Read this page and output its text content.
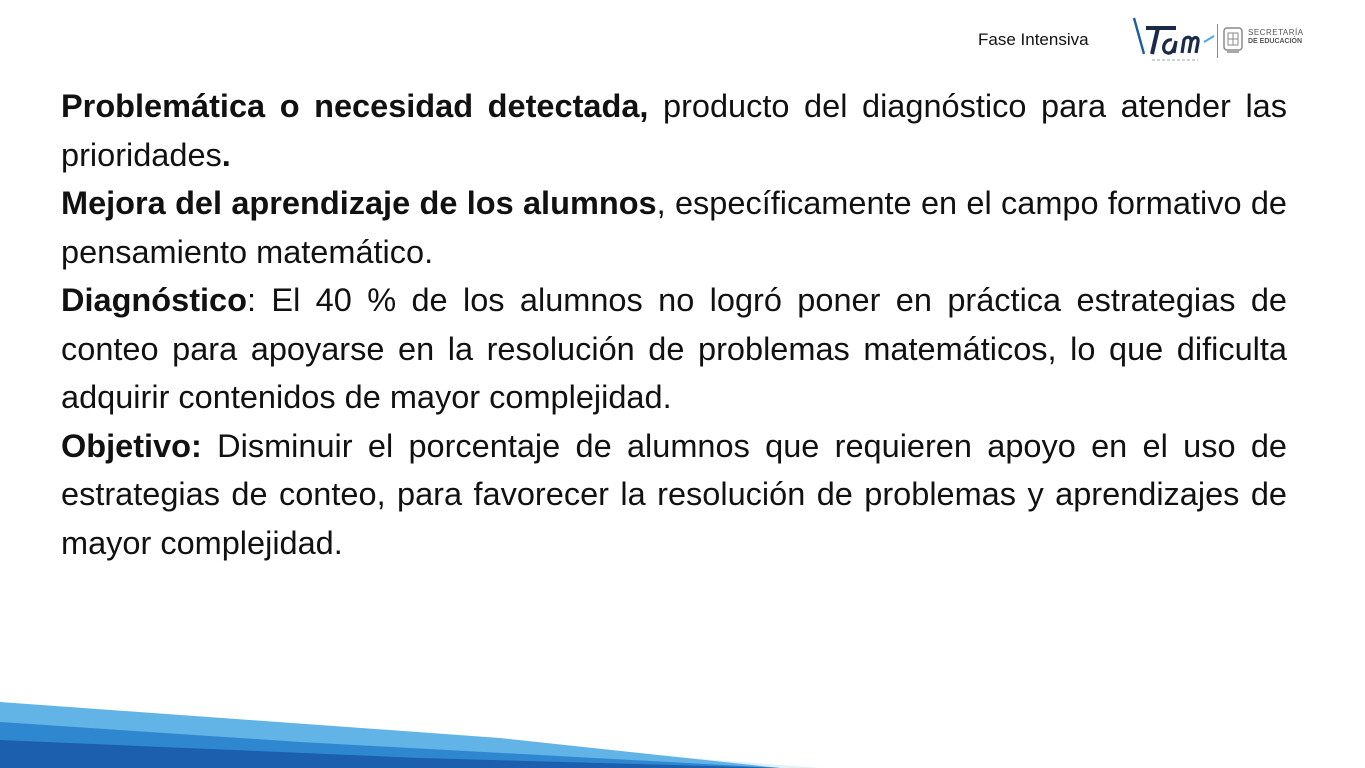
Fase Intensiva	SECRETARÍA
DE EDUCACIÓN

Problemática o necesidad detectada, producto del diagnóstico para atender las prioridades.

Mejora del aprendizaje de los alumnos, específicamente en el campo formativo de pensamiento matemático.

Diagnóstico: El 40 % de los alumnos no logró poner en práctica estrategias de conteo para apoyarse en la resolución de problemas matemáticos, lo que dificulta adquirir contenidos de mayor complejidad.

Objetivo: Disminuir el porcentaje de alumnos que requieren apoyo en el uso de estrategias de conteo, para favorecer la resolución de problemas y aprendizajes de mayor complejidad.
